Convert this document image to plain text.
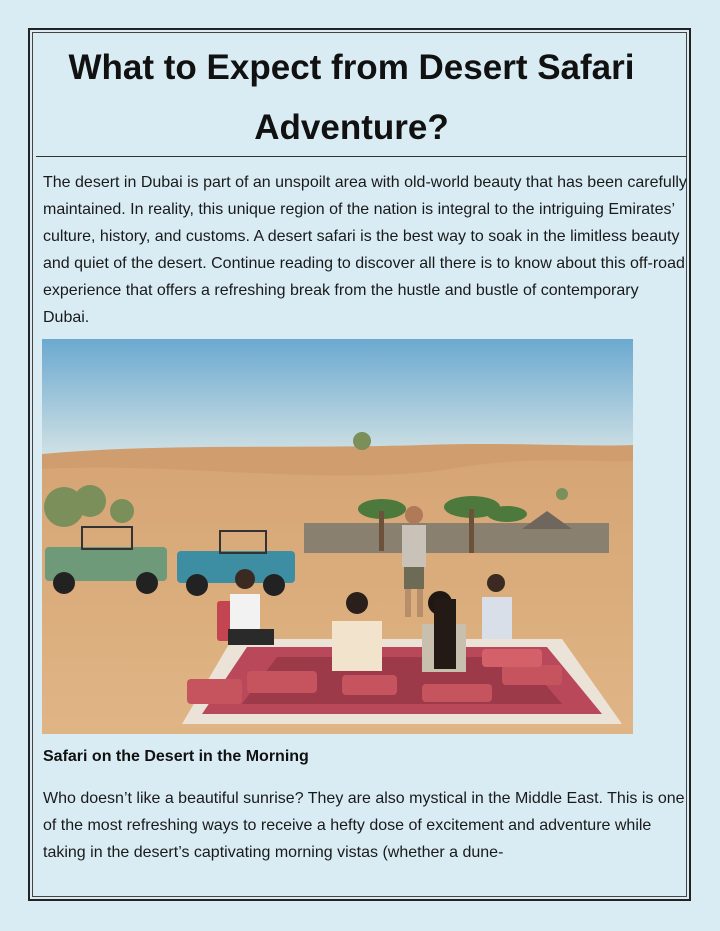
What to Expect from Desert Safari Adventure?

The desert in Dubai is part of an unspoilt area with old-world beauty that has been carefully maintained. In reality, this unique region of the nation is integral to the intriguing Emirates’ culture, history, and customs. A desert safari is the best way to soak in the limitless beauty and quiet of the desert. Continue reading to discover all there is to know about this off-road experience that offers a refreshing break from the hustle and bustle of contemporary Dubai.

Safari on the Desert in the Morning

Who doesn’t like a beautiful sunrise? They are also mystical in the Middle East. This is one of the most refreshing ways to receive a hefty dose of excitement and adventure while taking in the desert’s captivating morning vistas (whether a dune-
